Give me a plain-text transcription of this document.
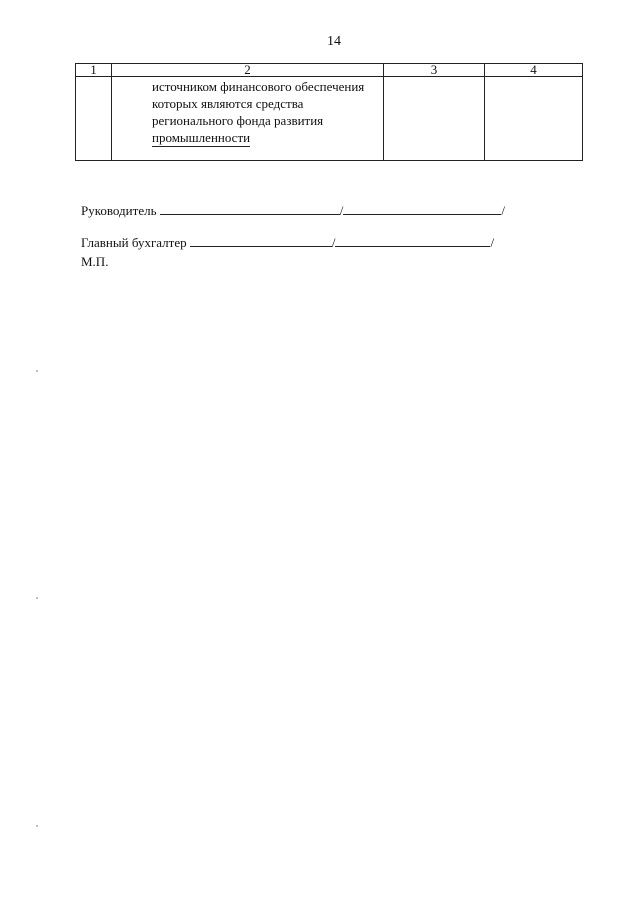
14
1	2	3	4

	источником финансового обеспечения
которых являются средства
регионального фонда развития
промышленности		
Руководитель	/	/
Главный бухгалтер	/	/
М.П.
